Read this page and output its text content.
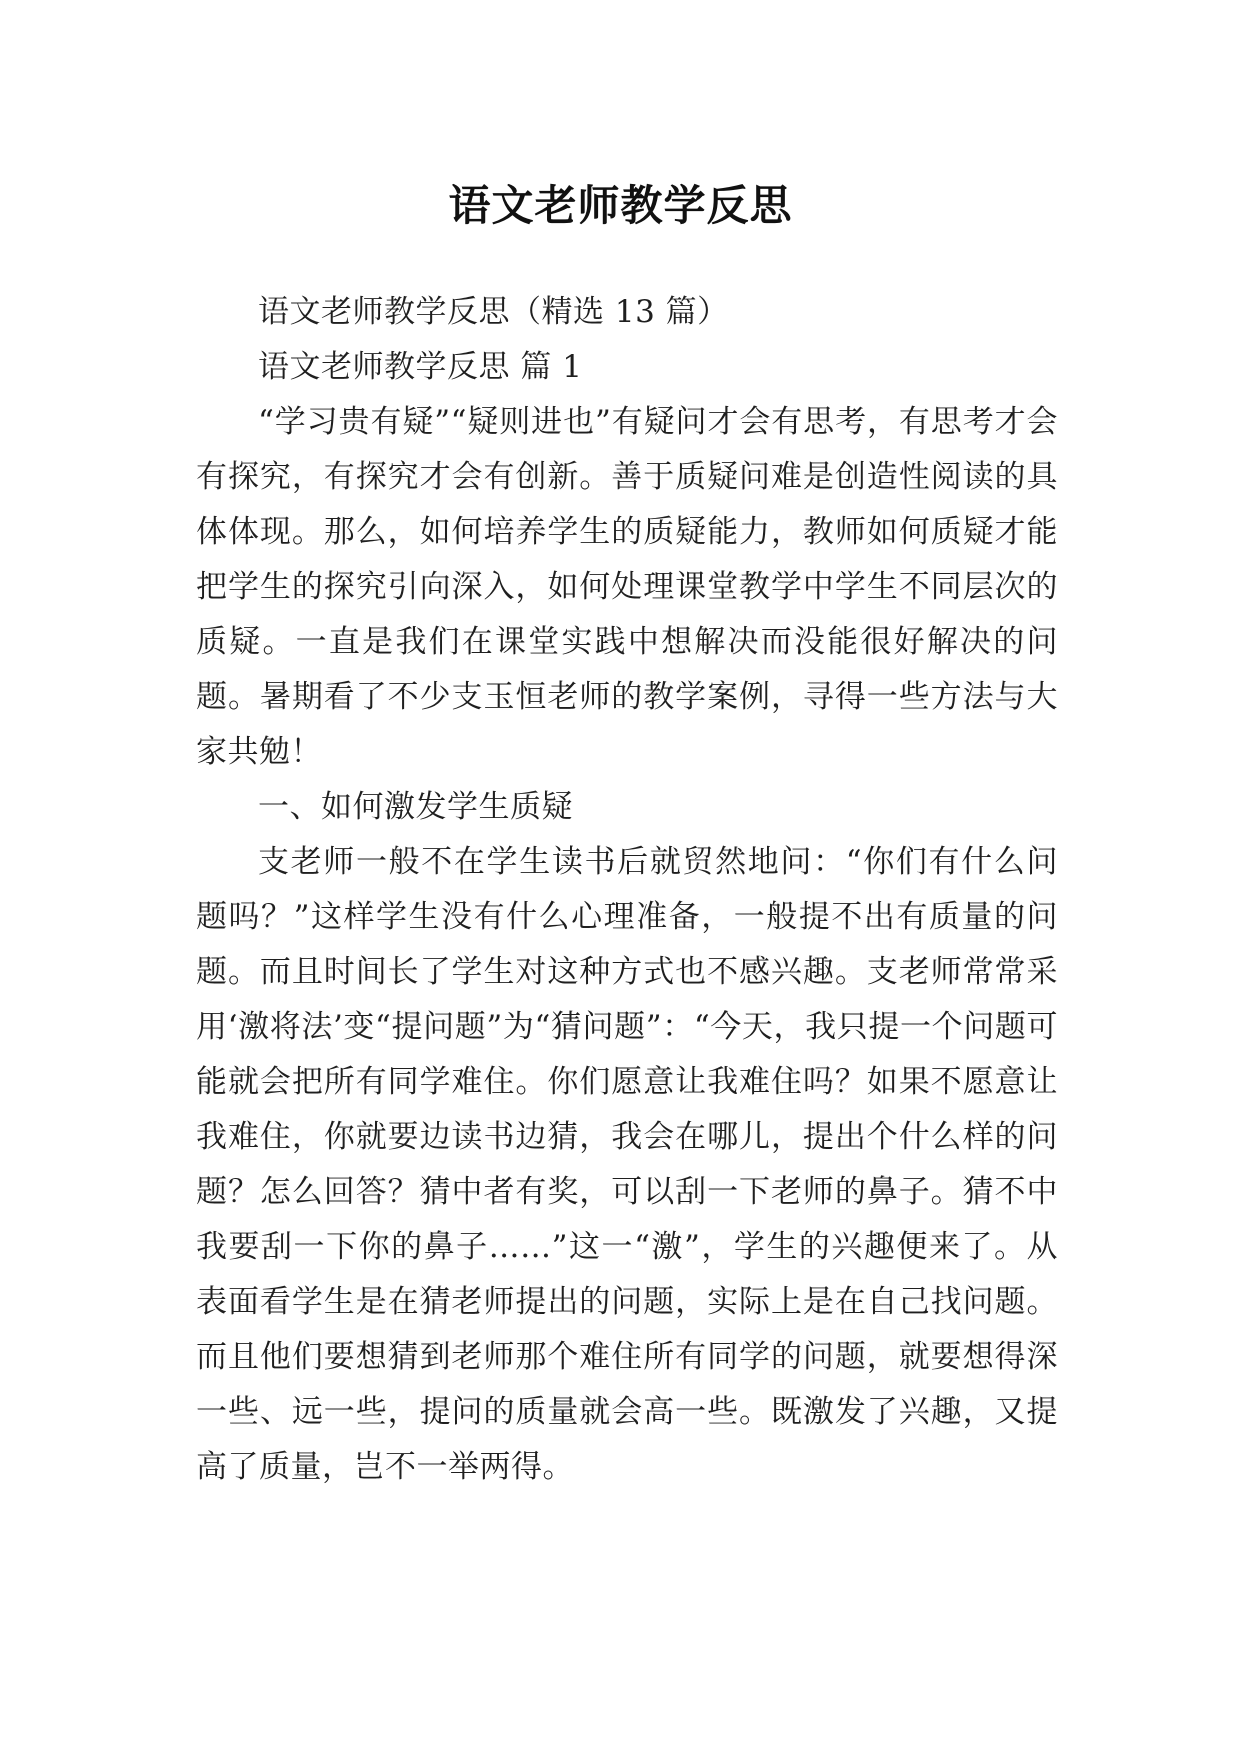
语文老师教学反思

语文老师教学反思（精选 13 篇）

语文老师教学反思 篇 1

“学习贵有疑”“疑则进也”有疑问才会有思考，有思考才会有探究，有探究才会有创新。善于质疑问难是创造性阅读的具体体现。那么，如何培养学生的质疑能力，教师如何质疑才能把学生的探究引向深入，如何处理课堂教学中学生不同层次的质疑。一直是我们在课堂实践中想解决而没能很好解决的问题。暑期看了不少支玉恒老师的教学案例，寻得一些方法与大家共勉！

一、如何激发学生质疑

支老师一般不在学生读书后就贸然地问：“你们有什么问题吗？”这样学生没有什么心理准备，一般提不出有质量的问题。而且时间长了学生对这种方式也不感兴趣。支老师常常采用‘激将法’变“提问题”为“猜问题”：“今天，我只提一个问题可能就会把所有同学难住。你们愿意让我难住吗？如果不愿意让我难住，你就要边读书边猜，我会在哪儿，提出个什么样的问题？怎么回答？猜中者有奖，可以刮一下老师的鼻子。猜不中我要刮一下你的鼻子……”这一“激”，学生的兴趣便来了。从表面看学生是在猜老师提出的问题，实际上是在自己找问题。而且他们要想猜到老师那个难住所有同学的问题，就要想得深一些、远一些，提问的质量就会高一些。既激发了兴趣，又提高了质量，岂不一举两得。
